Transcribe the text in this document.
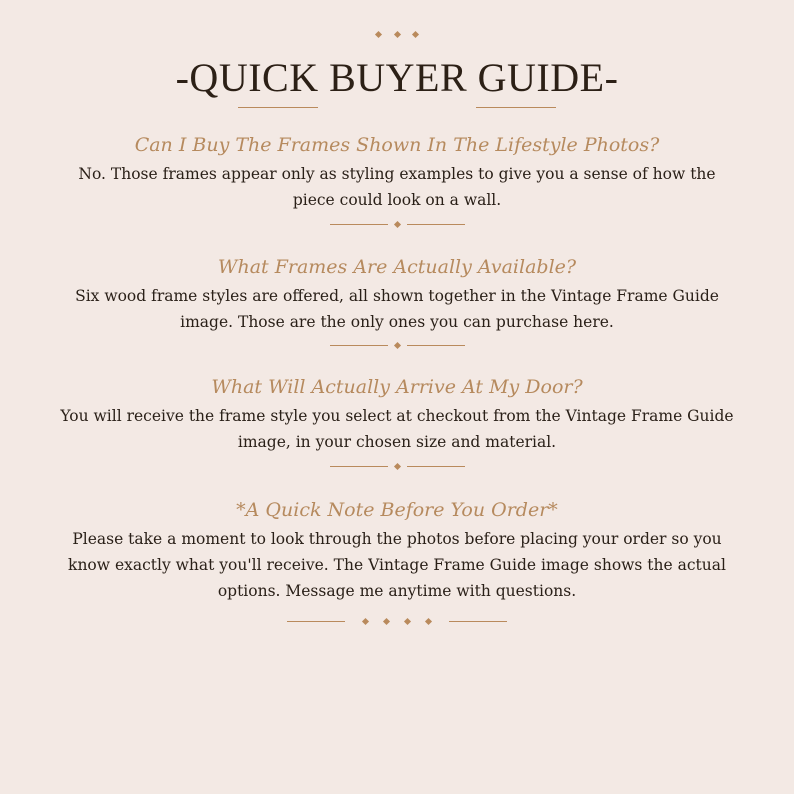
-QUICK BUYER GUIDE-
Can I Buy The Frames Shown In The Lifestyle Photos?
No. Those frames appear only as styling examples to give you a sense of how the piece could look on a wall.
What Frames Are Actually Available?
Six wood frame styles are offered, all shown together in the Vintage Frame Guide image. Those are the only ones you can purchase here.
What Will Actually Arrive At My Door?
You will receive the frame style you select at checkout from the Vintage Frame Guide image, in your chosen size and material.
*A Quick Note Before You Order*
Please take a moment to look through the photos before placing your order so you know exactly what you'll receive. The Vintage Frame Guide image shows the actual options. Message me anytime with questions.
